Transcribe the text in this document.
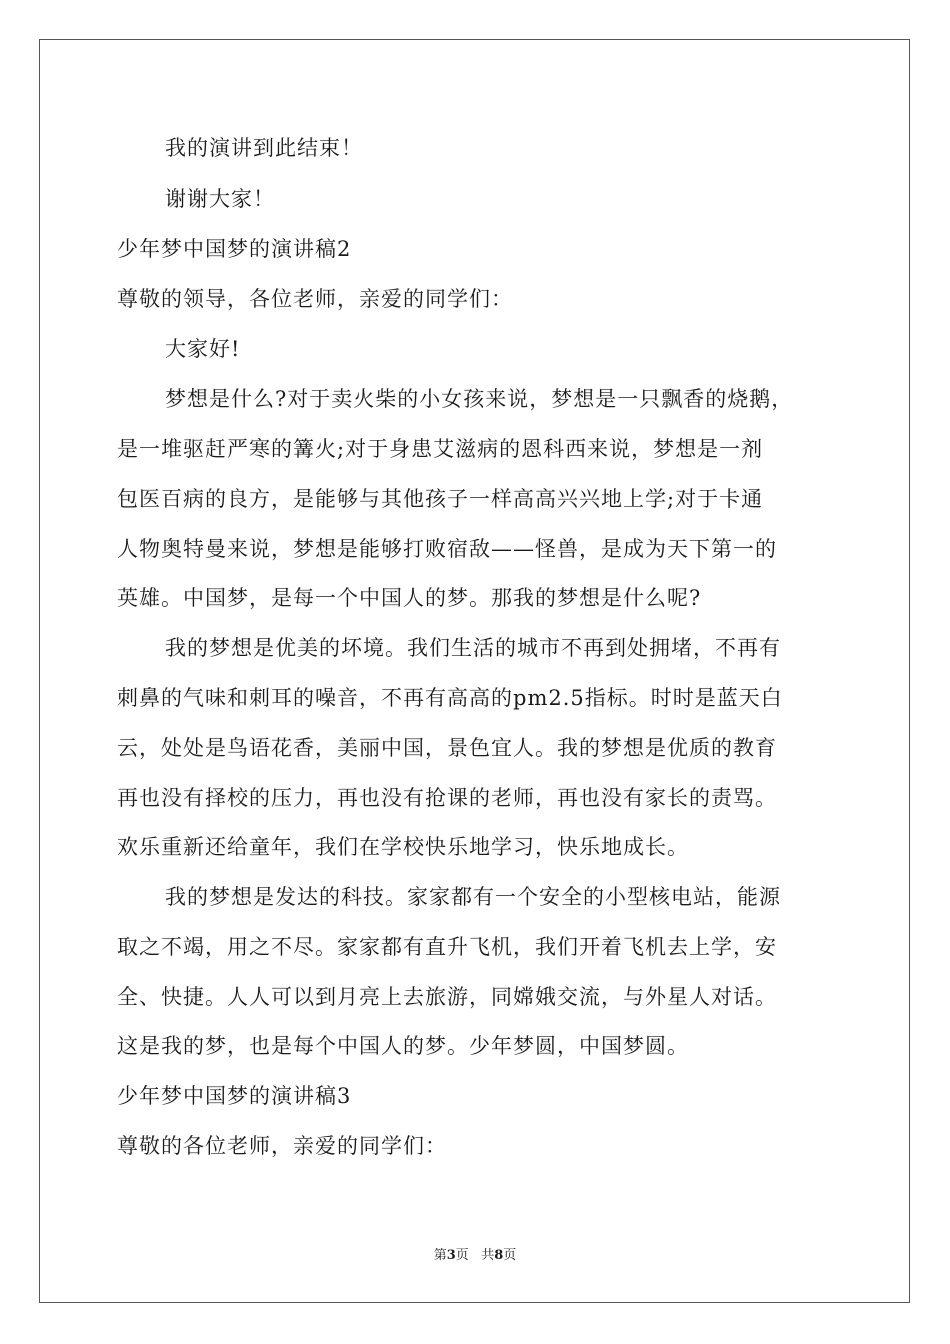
我的演讲到此结束！
谢谢大家！
少年梦中国梦的演讲稿2
尊敬的领导，各位老师，亲爱的同学们：
大家好!
梦想是什么?对于卖火柴的小女孩来说，梦想是一只飘香的烧鹅，
是一堆驱赶严寒的篝火;对于身患艾滋病的恩科西来说，梦想是一剂
包医百病的良方，是能够与其他孩子一样高高兴兴地上学;对于卡通
人物奥特曼来说，梦想是能够打败宿敌——怪兽，是成为天下第一的
英雄。中国梦，是每一个中国人的梦。那我的梦想是什么呢?
我的梦想是优美的坏境。我们生活的城市不再到处拥堵，不再有
刺鼻的气味和刺耳的噪音，不再有高高的pm2.5指标。时时是蓝天白
云，处处是鸟语花香，美丽中国，景色宜人。我的梦想是优质的教育
再也没有择校的压力，再也没有抢课的老师，再也没有家长的责骂。
欢乐重新还给童年，我们在学校快乐地学习，快乐地成长。
我的梦想是发达的科技。家家都有一个安全的小型核电站，能源
取之不竭，用之不尽。家家都有直升飞机，我们开着飞机去上学，安
全、快捷。人人可以到月亮上去旅游，同嫦娥交流，与外星人对话。
这是我的梦，也是每个中国人的梦。少年梦圆，中国梦圆。
少年梦中国梦的演讲稿3
尊敬的各位老师，亲爱的同学们：
第3页 共8页
